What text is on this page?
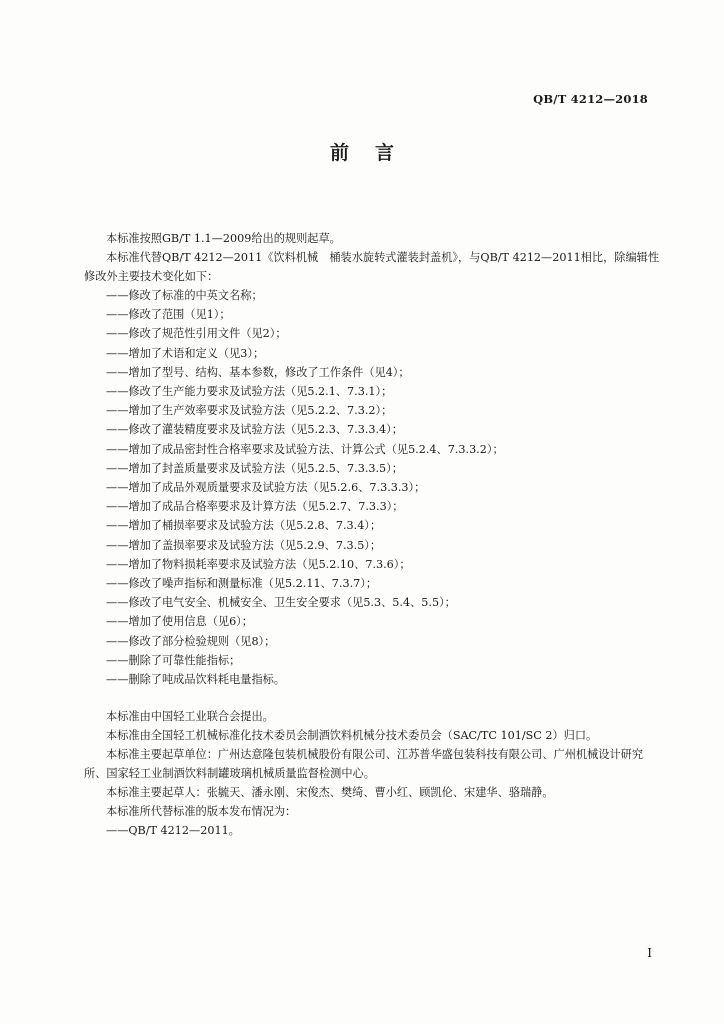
QB/T 4212—2018
前言

本标准按照GB/T 1.1—2009给出的规则起草。

本标准代替QB/T 4212—2011《饮料机械　桶装水旋转式灌装封盖机》，与QB/T 4212—2011相比，除编辑性修改外主要技术变化如下：

——修改了标准的中英文名称；
——修改了范围（见1）；
——修改了规范性引用文件（见2）；
——增加了术语和定义（见3）；
——增加了型号、结构、基本参数，修改了工作条件（见4）；
——修改了生产能力要求及试验方法（见5.2.1、7.3.1）；
——增加了生产效率要求及试验方法（见5.2.2、7.3.2）；
——修改了灌装精度要求及试验方法（见5.2.3、7.3.3.4）；
——增加了成品密封性合格率要求及试验方法、计算公式（见5.2.4、7.3.3.2）；
——增加了封盖质量要求及试验方法（见5.2.5、7.3.3.5）；
——增加了成品外观质量要求及试验方法（见5.2.6、7.3.3.3）；
——增加了成品合格率要求及计算方法（见5.2.7、7.3.3）；
——增加了桶损率要求及试验方法（见5.2.8、7.3.4）；
——增加了盖损率要求及试验方法（见5.2.9、7.3.5）；
——增加了物料损耗率要求及试验方法（见5.2.10、7.3.6）；
——修改了噪声指标和测量标准（见5.2.11、7.3.7）；
——修改了电气安全、机械安全、卫生安全要求（见5.3、5.4、5.5）；
——增加了使用信息（见6）；
——修改了部分检验规则（见8）；
——删除了可靠性能指标；
——删除了吨成品饮料耗电量指标。

本标准由中国轻工业联合会提出。

本标准由全国轻工机械标准化技术委员会制酒饮料机械分技术委员会（SAC/TC 101/SC 2）归口。

本标准主要起草单位：广州达意隆包装机械股份有限公司、江苏普华盛包装科技有限公司、广州机械设计研究所、国家轻工业制酒饮料制罐玻璃机械质量监督检测中心。

本标准主要起草人：张毓天、潘永刚、宋俊杰、樊绮、曹小红、顾凯伦、宋建华、骆瑞静。

本标准所代替标准的版本发布情况为：

——QB/T 4212—2011。

I
